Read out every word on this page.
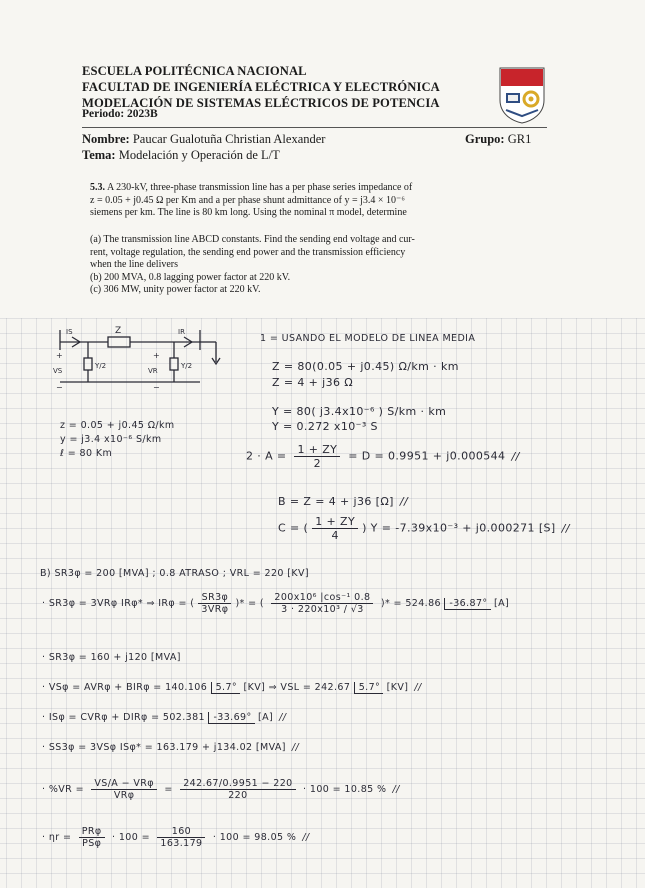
ESCUELA POLITÉCNICA NACIONAL
FACULTAD DE INGENIERÍA ELÉCTRICA Y ELECTRÓNICA
MODELACIÓN DE SISTEMAS ELÉCTRICOS DE POTENCIA
Periodo: 2023B
Nombre: Paucar Gualotuña Christian Alexander	Grupo: GR1
Tema: Modelación y Operación de L/T
5.3. A 230-kV, three-phase transmission line has a per phase series impedance of
z = 0.05 + j0.45 Ω per Km and a per phase shunt admittance of y = j3.4 × 10⁻⁶
siemens per km. The line is 80 km long. Using the nominal π model, determine
(a) The transmission line ABCD constants. Find the sending end voltage and cur-
rent, voltage regulation, the sending end power and the transmission efficiency
when the line delivers
(b) 200 MVA, 0.8 lagging power factor at 220 kV.
(c) 306 MW, unity power factor at 220 kV.
IS	IR
Z
+
VS
−
+
VR
−
Y/2	Y/2
z = 0.05 + j0.45 Ω/km
y = j3.4 x10⁻⁶ S/km
ℓ = 80 Km
1 = USANDO EL MODELO DE LINEA MEDIA
Z = 80(0.05 + j0.45) Ω/km · km
Z = 4 + j36 Ω
Y = 80( j3.4x10⁻⁶ ) S/km · km
Y = 0.272 x10⁻³ S
$2 \cdot A = \frac{1 + ZY}{2} = D = 0.9951 + j0.000544$ //
B = Z = 4 + j36 [Ω] //
C = ( $\frac{1 + ZY}{4}$ ) Y = -7.39x10⁻³ + j0.000271 [S] //
B) SR3φ = 200 [MVA] ; 0.8 ATRASO ; VRL = 220 [KV]
· SR3φ = 3VRφ IRφ* ⇒ IRφ = ( $\frac{SR3\varphi}{\text{3VRφ}}$ )* = ( $\frac{\text{200x10⁶ |cos⁻¹ 0.8}}{\text{3 · 220x10³ / √3}}$ )* = 524.86 -36.87° [A]
· SR3φ = 160 + j120 [MVA]
· VSφ = AVRφ + BIRφ = 140.106 5.7° [KV] ⇒ VSL = 242.67 5.7° [KV] //
· ISφ = CVRφ + DIRφ = 502.381 -33.69° [A] //
· SS3φ = 3VSφ ISφ* = 163.179 + j134.02 [MVA] //
· $\%VR = \frac{\text{VS/A − VRφ}}{\text{VRφ}} = \frac{242.67/0.9951 - 220}{220} \cdot 100 = 10.85$ % //
· $\eta r = \frac{\text{PRφ}}{\text{PSφ}} \cdot 100 = \frac{160}{163.179} \cdot 100 = 98.05$ % //
